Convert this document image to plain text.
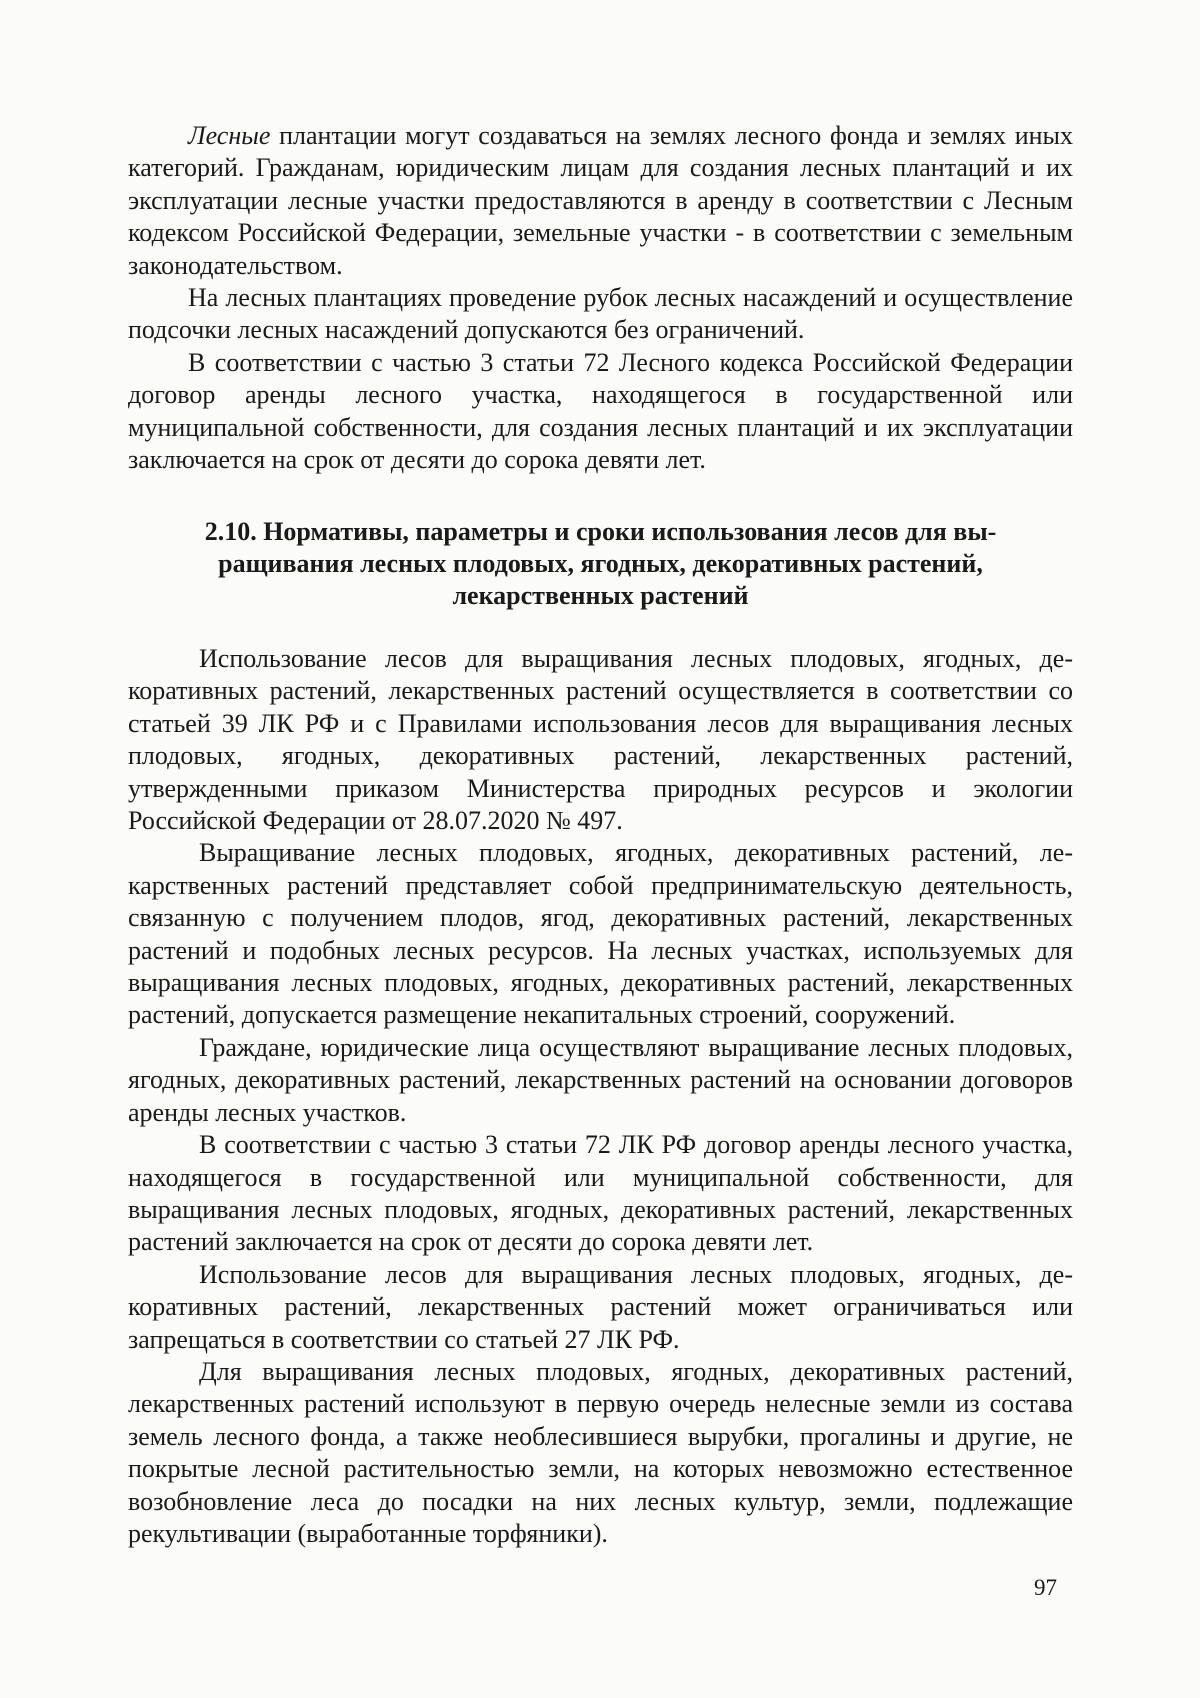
Лесные плантации могут создаваться на землях лесного фонда и землях иных категорий. Гражданам, юридическим лицам для создания лесных плантаций и их эксплуатации лесные участки предоставляются в аренду в соответствии с Лесным кодексом Российской Федерации, земельные участки - в соответствии с земельным законодательством.

На лесных плантациях проведение рубок лесных насаждений и осуществление подсочки лесных насаждений допускаются без ограничений.

В соответствии с частью 3 статьи 72 Лесного кодекса Российской Федерации договор аренды лесного участка, находящегося в государственной или муниципальной собственности, для создания лесных плантаций и их эксплуатации заключается на срок от десяти до сорока девяти лет.

2.10. Нормативы, параметры и сроки использования лесов для вы-
ращивания лесных плодовых, ягодных, декоративных растений,
лекарственных растений

Использование лесов для выращивания лесных плодовых, ягодных, декоративных растений, лекарственных растений осуществляется в соответствии со статьей 39 ЛК РФ и с Правилами использования лесов для выращивания лесных плодовых, ягодных, декоративных растений, лекарственных растений, утвержденными приказом Министерства природных ресурсов и экологии Российской Федерации от 28.07.2020 № 497.

Выращивание лесных плодовых, ягодных, декоративных растений, лекарственных растений представляет собой предпринимательскую деятельность, связанную с получением плодов, ягод, декоративных растений, лекарственных растений и подобных лесных ресурсов. На лесных участках, используемых для выращивания лесных плодовых, ягодных, декоративных растений, лекарственных растений, допускается размещение некапитальных строений, сооружений.

Граждане, юридические лица осуществляют выращивание лесных плодовых, ягодных, декоративных растений, лекарственных растений на основании договоров аренды лесных участков.

В соответствии с частью 3 статьи 72 ЛК РФ договор аренды лесного участка, находящегося в государственной или муниципальной собственности, для выращивания лесных плодовых, ягодных, декоративных растений, лекарственных растений заключается на срок от десяти до сорока девяти лет.

Использование лесов для выращивания лесных плодовых, ягодных, декоративных растений, лекарственных растений может ограничиваться или запрещаться в соответствии со статьей 27 ЛК РФ.

Для выращивания лесных плодовых, ягодных, декоративных растений, лекарственных растений используют в первую очередь нелесные земли из состава земель лесного фонда, а также необлесившиеся вырубки, прогалины и другие, не покрытые лесной растительностью земли, на которых невозможно естественное возобновление леса до посадки на них лесных культур, земли, подлежащие рекультивации (выработанные торфяники).

97
